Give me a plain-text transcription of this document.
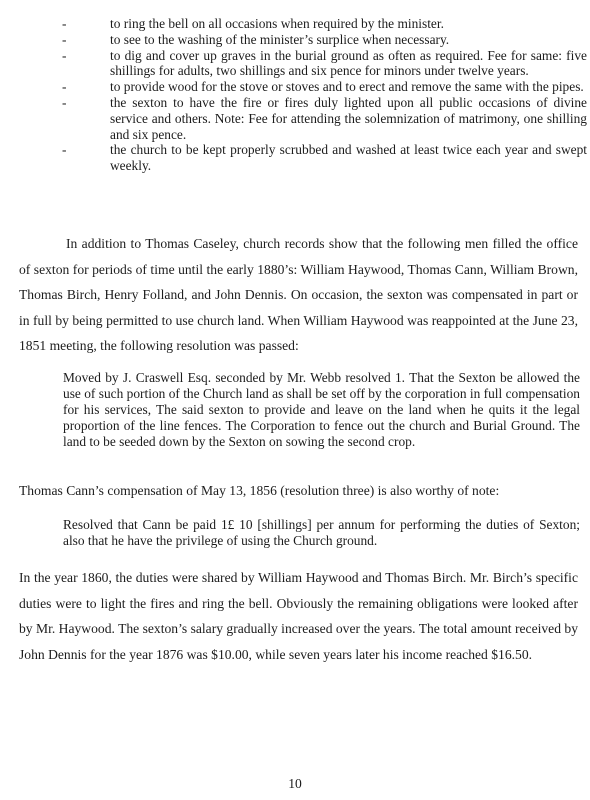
-	to ring the bell on all occasions when required by the minister.
-	to see to the washing of the minister’s surplice when necessary.
-	to dig and cover up graves in the burial ground as often as required. Fee for same: five shillings for adults, two shillings and six pence for minors under twelve years.
-	to provide wood for the stove or stoves and to erect and remove the same with the pipes.
-	the sexton to have the fire or fires duly lighted upon all public occasions of divine service and others. Note: Fee for attending the solemnization of matrimony, one shilling and six pence.
-	the church to be kept properly scrubbed and washed at least twice each year and swept weekly.

In addition to Thomas Caseley, church records show that the following men filled the office of sexton for periods of time until the early 1880’s: William Haywood, Thomas Cann, William Brown, Thomas Birch, Henry Folland, and John Dennis. On occasion, the sexton was compensated in part or in full by being permitted to use church land. When William Haywood was reappointed at the June 23, 1851 meeting, the following resolution was passed:

Moved by J. Craswell Esq. seconded by Mr. Webb resolved 1. That the Sexton be allowed the use of such portion of the Church land as shall be set off by the corporation in full compensation for his services, The said sexton to provide and leave on the land when he quits it the legal proportion of the line fences. The Corporation to fence out the church and Burial Ground. The land to be seeded down by the Sexton on sowing the second crop.

Thomas Cann’s compensation of May 13, 1856 (resolution three) is also worthy of note:

Resolved that Cann be paid 1£ 10 [shillings] per annum for performing the duties of Sexton; also that he have the privilege of using the Church ground.

In the year 1860, the duties were shared by William Haywood and Thomas Birch. Mr. Birch’s specific duties were to light the fires and ring the bell. Obviously the remaining obligations were looked after by Mr. Haywood. The sexton’s salary gradually increased over the years. The total amount received by John Dennis for the year 1876 was $10.00, while seven years later his income reached $16.50.

10
